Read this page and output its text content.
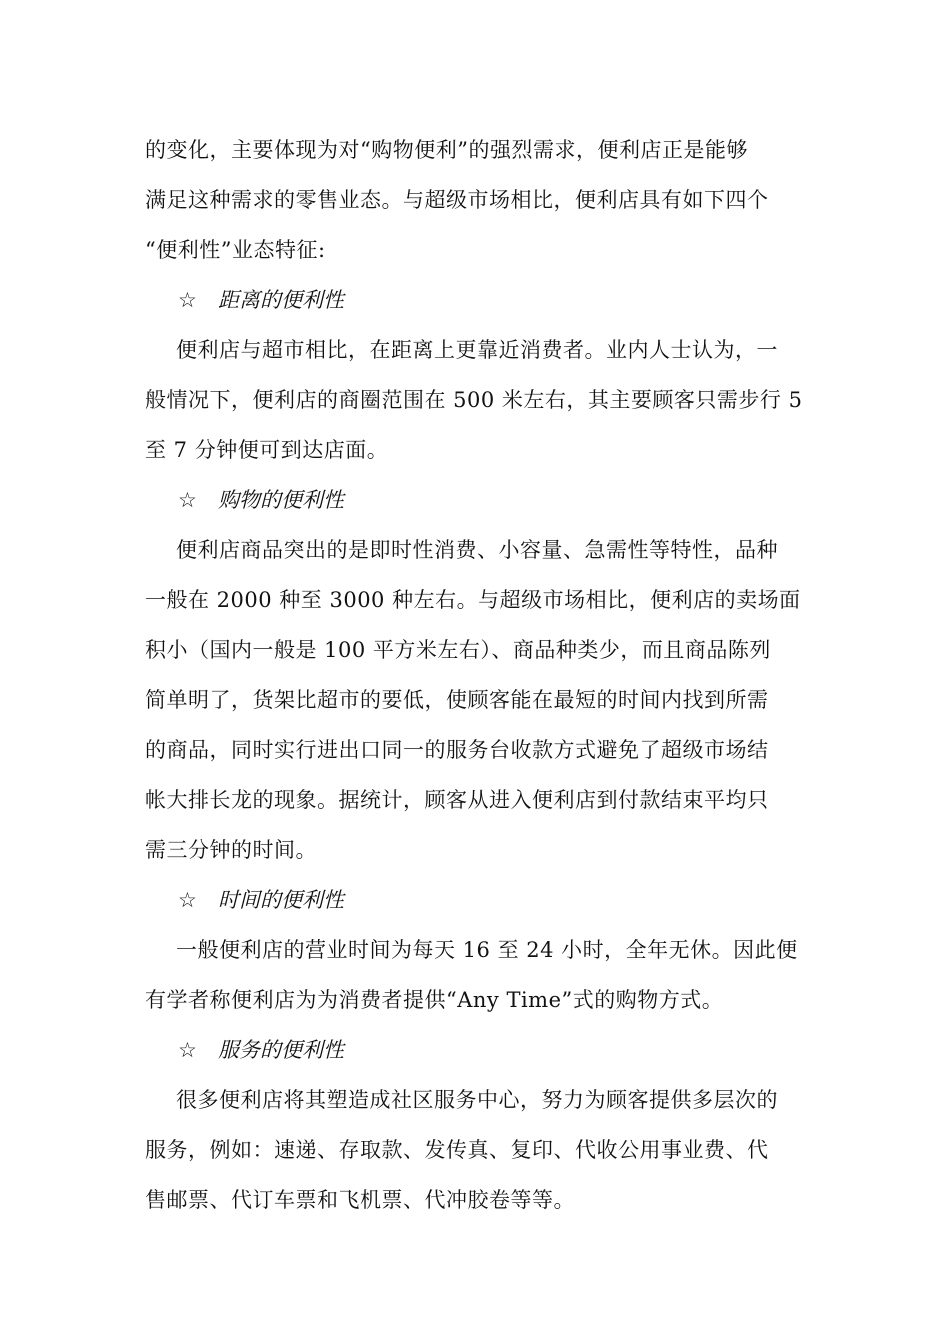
的变化，主要体现为对“购物便利”的强烈需求，便利店正是能够
满足这种需求的零售业态。与超级市场相比，便利店具有如下四个
“便利性”业态特征:
☆ 距离的便利性
便利店与超市相比，在距离上更靠近消费者。业内人士认为，一
般情况下，便利店的商圈范围在 500 米左右，其主要顾客只需步行 5
至 7 分钟便可到达店面。
☆ 购物的便利性
便利店商品突出的是即时性消费、小容量、急需性等特性，品种
一般在 2000 种至 3000 种左右。与超级市场相比，便利店的卖场面
积小（国内一般是 100 平方米左右）、商品种类少，而且商品陈列
简单明了，货架比超市的要低，使顾客能在最短的时间内找到所需
的商品，同时实行进出口同一的服务台收款方式避免了超级市场结
帐大排长龙的现象。据统计，顾客从进入便利店到付款结束平均只
需三分钟的时间。
☆ 时间的便利性
一般便利店的营业时间为每天 16 至 24 小时，全年无休。因此便
有学者称便利店为为消费者提供“Any Time”式的购物方式。
☆ 服务的便利性
很多便利店将其塑造成社区服务中心，努力为顾客提供多层次的
服务，例如：速递、存取款、发传真、复印、代收公用事业费、代
售邮票、代订车票和飞机票、代冲胶卷等等。
